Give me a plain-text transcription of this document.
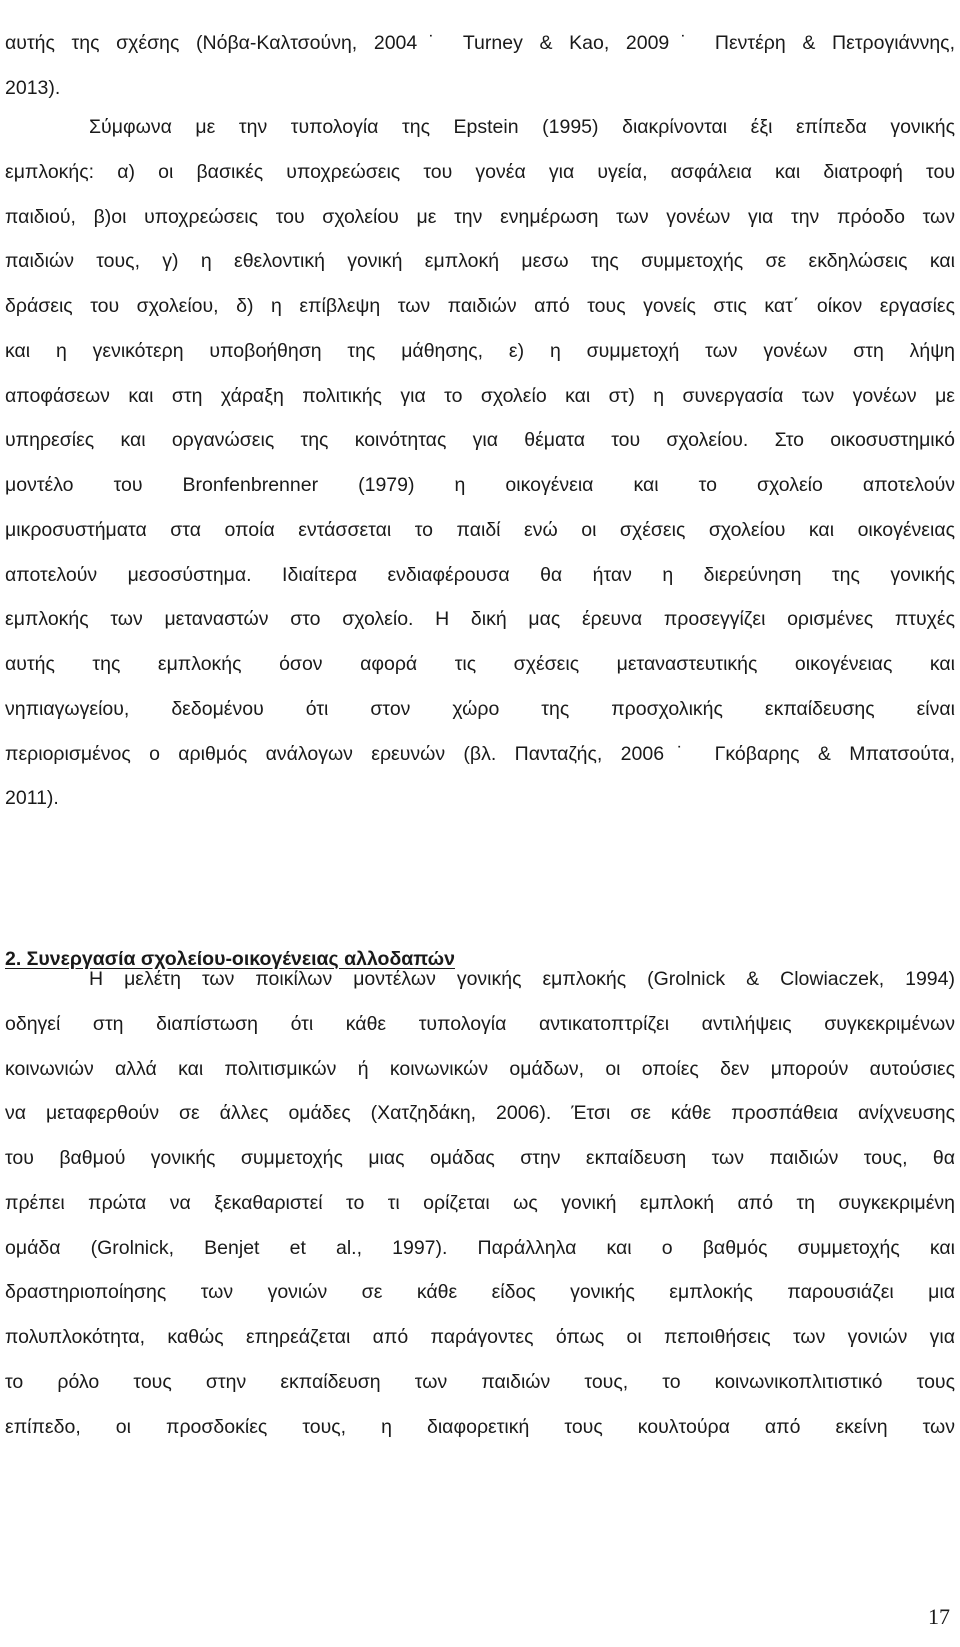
αυτής της σχέσης (Νόβα-Καλτσούνη, 2004˙ Turney & Kao, 2009˙ Πεντέρη & Πετρογιάννης,
2013).
Σύμφωνα με την τυπολογία της Epstein (1995) διακρίνονται έξι επίπεδα γονικής
εμπλοκής: α) οι βασικές υποχρεώσεις του γονέα για υγεία, ασφάλεια και διατροφή του
παιδιού, β)οι υποχρεώσεις του σχολείου με την ενημέρωση των γονέων για την πρόοδο των
παιδιών τους, γ) η εθελοντική γονική εμπλοκή μεσω της συμμετοχής σε εκδηλώσεις και
δράσεις του σχολείου, δ) η επίβλεψη των παιδιών από τους γονείς στις κατ΄ οίκον εργασίες
και η γενικότερη υποβοήθηση της μάθησης, ε) η συμμετοχή των γονέων στη λήψη
αποφάσεων και στη χάραξη πολιτικής για το σχολείο και στ) η συνεργασία των γονέων με
υπηρεσίες και οργανώσεις της κοινότητας για θέματα του σχολείου. Στο οικοσυστημικό
μοντέλο του Bronfenbrenner (1979) η οικογένεια και το σχολείο αποτελούν
μικροσυστήματα στα οποία εντάσσεται το παιδί ενώ οι σχέσεις σχολείου και οικογένειας
αποτελούν μεσοσύστημα. Ιδιαίτερα ενδιαφέρουσα θα ήταν η διερεύνηση της γονικής
εμπλοκής των μεταναστών στο σχολείο. Η δική μας έρευνα προσεγγίζει ορισμένες πτυχές
αυτής της εμπλοκής όσον αφορά τις σχέσεις μεταναστευτικής οικογένειας και
νηπιαγωγείου, δεδομένου ότι στον χώρο της προσχολικής εκπαίδευσης είναι
περιορισμένος ο αριθμός ανάλογων ερευνών (βλ. Πανταζής, 2006˙ Γκόβαρης & Μπατσούτα,
2011).
2. Συνεργασία σχολείου-οικογένειας αλλοδαπών
Η μελέτη των ποικίλων μοντέλων γονικής εμπλοκής (Grolnick & Clowiaczek, 1994)
οδηγεί στη διαπίστωση ότι κάθε τυπολογία αντικατοπτρίζει αντιλήψεις συγκεκριμένων
κοινωνιών αλλά και πολιτισμικών ή κοινωνικών ομάδων, οι οποίες δεν μπορούν αυτούσιες
να μεταφερθούν σε άλλες ομάδες (Χατζηδάκη, 2006). Έτσι σε κάθε προσπάθεια ανίχνευσης
του βαθμού γονικής συμμετοχής μιας ομάδας στην εκπαίδευση των παιδιών τους, θα
πρέπει πρώτα να ξεκαθαριστεί το τι ορίζεται ως γονική εμπλοκή από τη συγκεκριμένη
ομάδα (Grolnick, Benjet et al., 1997). Παράλληλα και ο βαθμός συμμετοχής και
δραστηριοποίησης των γονιών σε κάθε είδος γονικής εμπλοκής παρουσιάζει μια
πολυπλοκότητα, καθώς επηρεάζεται από παράγοντες όπως οι πεποιθήσεις των γονιών για
το ρόλο τους στην εκπαίδευση των παιδιών τους, το κοινωνικοπλιτιστικό τους
επίπεδο, οι προσδοκίες τους, η διαφορετική τους κουλτούρα από εκείνη των
17
